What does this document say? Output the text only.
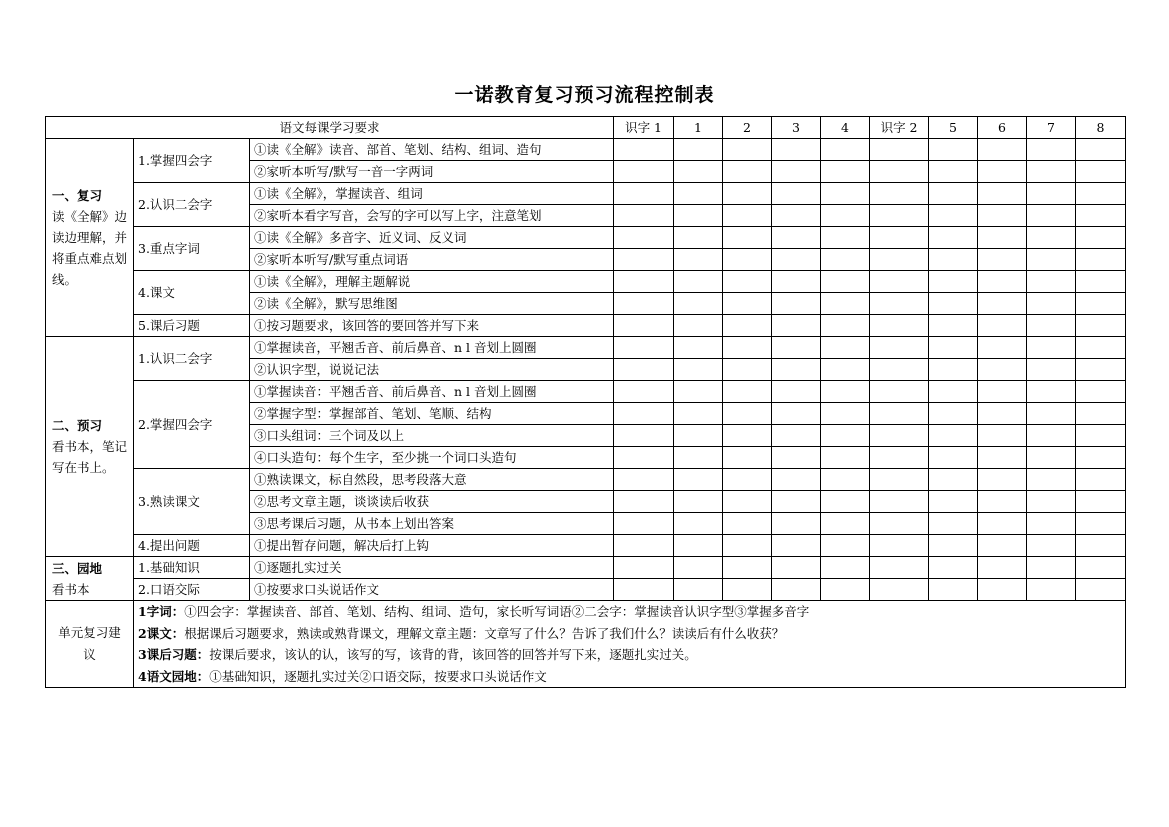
一诺教育复习预习流程控制表
语文每课学习要求			识字 1	1	2	3	4	识字 2	5	6	7	8

一、复习
读《全解》边读边理解，并将重点难点划线。	1.掌握四会字	①读《全解》读音、部首、笔划、结构、组词、造句										
		②家听本听写/默写一音一字两词										
	2.认识二会字	①读《全解》，掌握读音、组词										
		②家听本看字写音，会写的字可以写上字，注意笔划										
	3.重点字词	①读《全解》多音字、近义词、反义词										
		②家听本听写/默写重点词语										
	4.课文	①读《全解》，理解主题解说										
		②读《全解》，默写思维图										
	5.课后习题	①按习题要求，该回答的要回答并写下来										

二、预习
看书本，笔记写在书上。	1.认识二会字	①掌握读音，平翘舌音、前后鼻音、n l 音划上圆圈										
		②认识字型，说说记法										
	2.掌握四会字	①掌握读音：平翘舌音、前后鼻音、n l 音划上圆圈										
		②掌握字型：掌握部首、笔划、笔顺、结构										
		③口头组词：三个词及以上										
		④口头造句：每个生字，至少挑一个词口头造句										
	3.熟读课文	①熟读课文，标自然段，思考段落大意										
		②思考文章主题，谈谈读后收获										
		③思考课后习题，从书本上划出答案										
	4.提出问题	①提出暂存问题，解决后打上钩										

三、园地
看书本	1.基础知识	①逐题扎实过关										
	2.口语交际	①按要求口头说话作文										
单元复习建议	1字词：①四会字：掌握读音、部首、笔划、结构、组词、造句，家长听写词语②二会字：掌握读音认识字型③掌握多音字
2课文：根据课后习题要求，熟读或熟背课文，理解文章主题：文章写了什么？告诉了我们什么？读读后有什么收获？
3课后习题：按课后要求，该认的认，该写的写，该背的背，该回答的回答并写下来，逐题扎实过关。
4语文园地：①基础知识，逐题扎实过关②口语交际，按要求口头说话作文											
